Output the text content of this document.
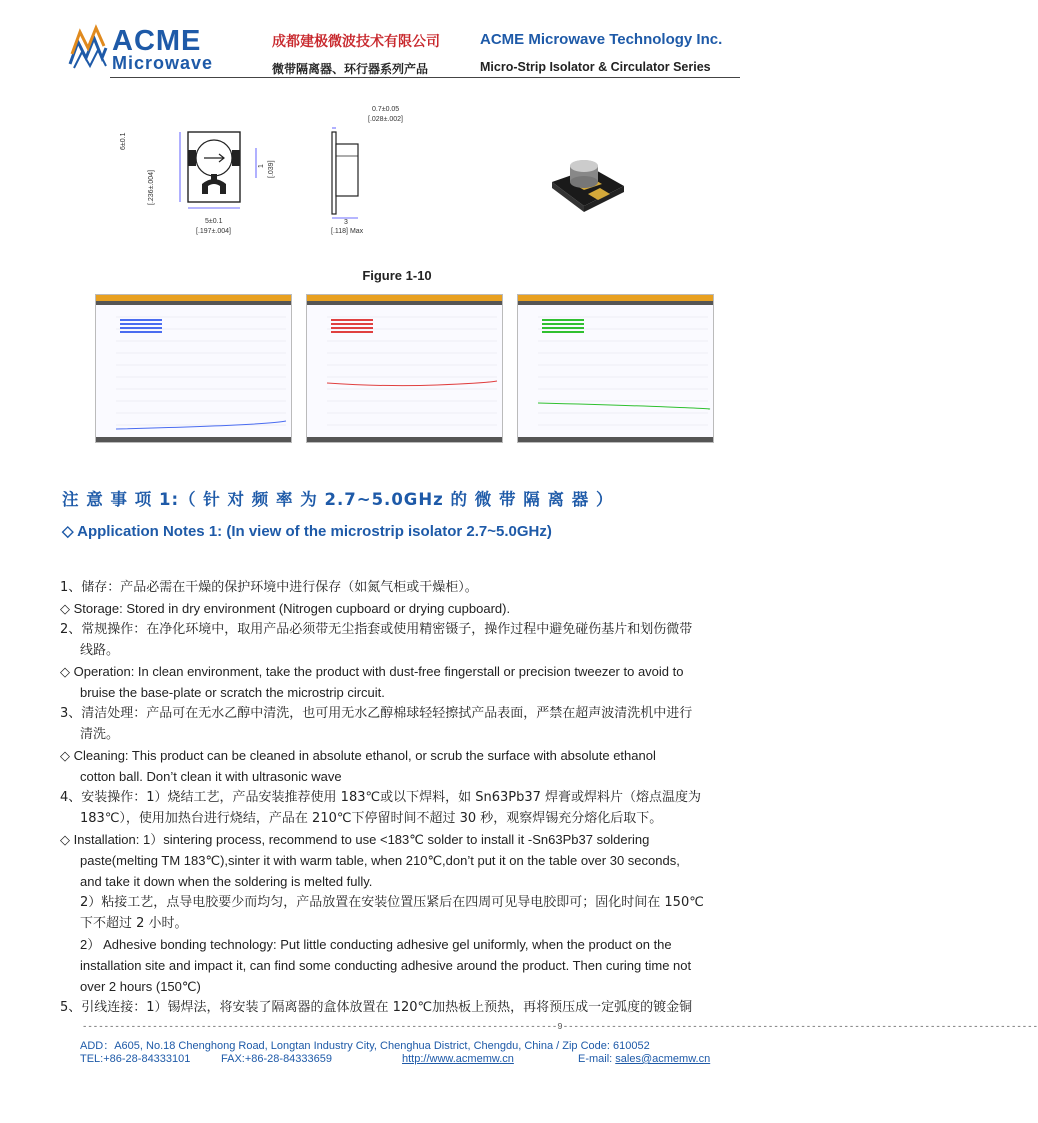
ACME
Microwave
成都建极微波技术有限公司	ACME Microwave Technology Inc.
微带隔离器、环行器系列产品	Micro-Strip Isolator & Circulator Series
6±0.1
[.236±.004]
1 [.039]
5±0.1
[.197±.004]
0.7±0.05
[.028±.002]
3
[.118] Max
Figure 1-10
注 意 事 项 1:（ 针 对 频 率 为 2.7~5.0GHz 的 微 带 隔 离 器 ）
◇ Application Notes 1: (In view of the microstrip isolator 2.7~5.0GHz)
1、储存：产品必需在干燥的保护环境中进行保存（如氮气柜或干燥柜）。
◇ Storage: Stored in dry environment (Nitrogen cupboard or drying cupboard).
2、常规操作：在净化环境中，取用产品必须带无尘指套或使用精密镊子，操作过程中避免碰伤基片和划伤微带
线路。
◇ Operation: In clean environment, take the product with dust-free fingerstall or precision tweezer to avoid to
bruise the base-plate or scratch the microstrip circuit.
3、清洁处理：产品可在无水乙醇中清洗，也可用无水乙醇棉球轻轻擦拭产品表面，严禁在超声波清洗机中进行
清洗。
◇ Cleaning: This product can be cleaned in absolute ethanol, or scrub the surface with absolute ethanol
cotton ball. Don’t clean it with ultrasonic wave
4、安装操作：1）烧结工艺，产品安装推荐使用 183℃或以下焊料，如 Sn63Pb37 焊膏或焊料片（熔点温度为
183℃），使用加热台进行烧结，产品在 210℃下停留时间不超过 30 秒，观察焊锡充分熔化后取下。
◇ Installation: 1）sintering process, recommend to use <183℃ solder to install it -Sn63Pb37 soldering
paste(melting TM 183℃),sinter it with warm table, when 210℃,don’t put it on the table over 30 seconds,
and take it down when the soldering is melted fully.
2）粘接工艺，点导电胶要少而均匀，产品放置在安装位置压紧后在四周可见导电胶即可；固化时间在 150℃
下不超过 2 小时。
2） Adhesive bonding technology: Put little conducting adhesive gel uniformly, when the product on the
installation site and impact it, can find some conducting adhesive around the product. Then curing time not
over 2 hours (150℃)
5、引线连接：1）锡焊法，将安装了隔离器的盒体放置在 120℃加热板上预热，再将预压成一定弧度的镀金铜
----------------------------------------------------------------------------------------9----------------------------------------------------------------------------------------
ADD：A605, No.18 Chenghong Road, Longtan Industry City, Chenghua District, Chengdu, China / Zip Code: 610052
TEL:+86-28-84333101	FAX:+86-28-84333659	http://www.acmemw.cn	E-mail: sales@acmemw.cn
